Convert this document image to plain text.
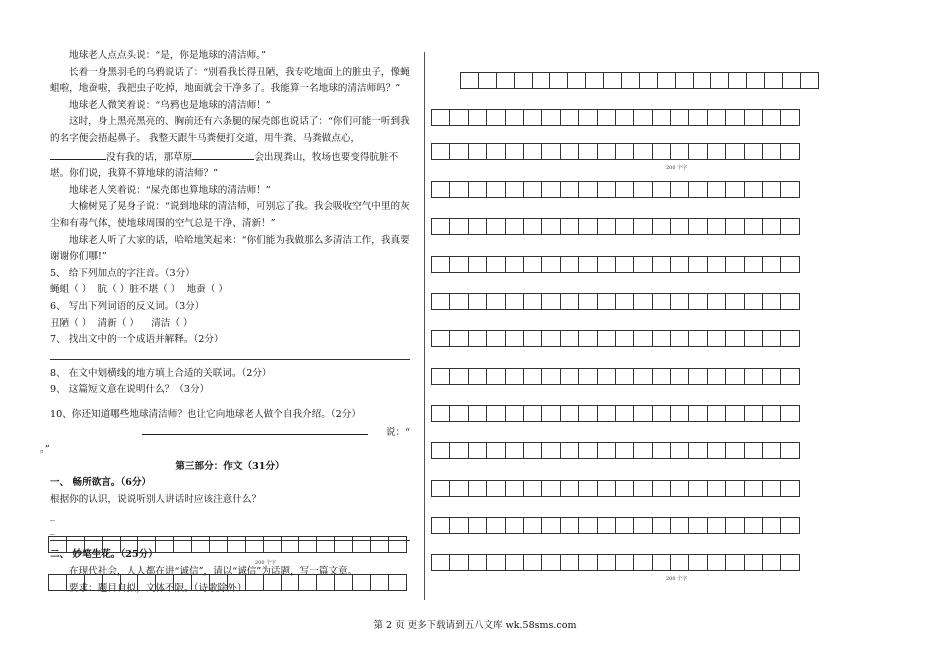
地球老人点点头说：“是，你是地球的清洁师。”

长着一身黑羽毛的乌鸦说话了：“别看我长得丑陋，我专吃地面上的脏虫子，像蝇蛆啦，地蚕啦，我把虫子吃掉，地面就会干净多了。我能算一名地球的清洁师吗？”

地球老人微笑着说：“乌鸦也是地球的清洁师！”

这时，身上黑亮黑亮的、胸前还有六条腿的屎壳郎也说话了：“你们可能一听到我的名字便会捂起鼻子。 我整天跟牛马粪便打交道，用牛粪、马粪做点心，没有我的话，那草原	会出现粪山，牧场也要变得肮脏不堪。你们说，我算不算地球的清洁师？”

地球老人笑着说：“屎壳郎也算地球的清洁师！”

大榆树晃了晃身子说：“说到地球的清洁师，可别忘了我。我会吸收空气中里的灰尘和有毒气体，使地球周围的空气总是干净、清新！”

地球老人听了大家的话，哈哈地笑起来：“你们能为我做那么多清洁工作，我真要谢谢你们哪!”

5、 给下列加点的字注音。（3分）

蝇蛆（ ） 肮（ ）脏不堪（ ） 地蚕（ ）

6、 写出下列词语的反义词。（3分）

丑陋（ ） 清新（ ） 清洁（ ）

7、 找出文中的一个成语并解释。（2分）

8、 在文中划横线的地方填上合适的关联词。（2分）

9、 这篇短文意在说明什么？（3分）

10、你还知道哪些地球清洁师？也让它向地球老人做个自我介绍。（2分）

说：“

。”

第三部分：作文（31分）

一、 畅所欲言。（6分）

根据你的认识，说说听别人讲话时应该注意什么？

_
_

二、 妙笔生花。（25分）

在现代社会，人人都在讲“诚信”，请以“诚信”为话题，写一篇文章。

要求：题目自拟，文体不限。（诗歌除外）

200 个字
200 个字
200 个字
第 2 页 更多下载请到五八文库 wk.58sms.com
